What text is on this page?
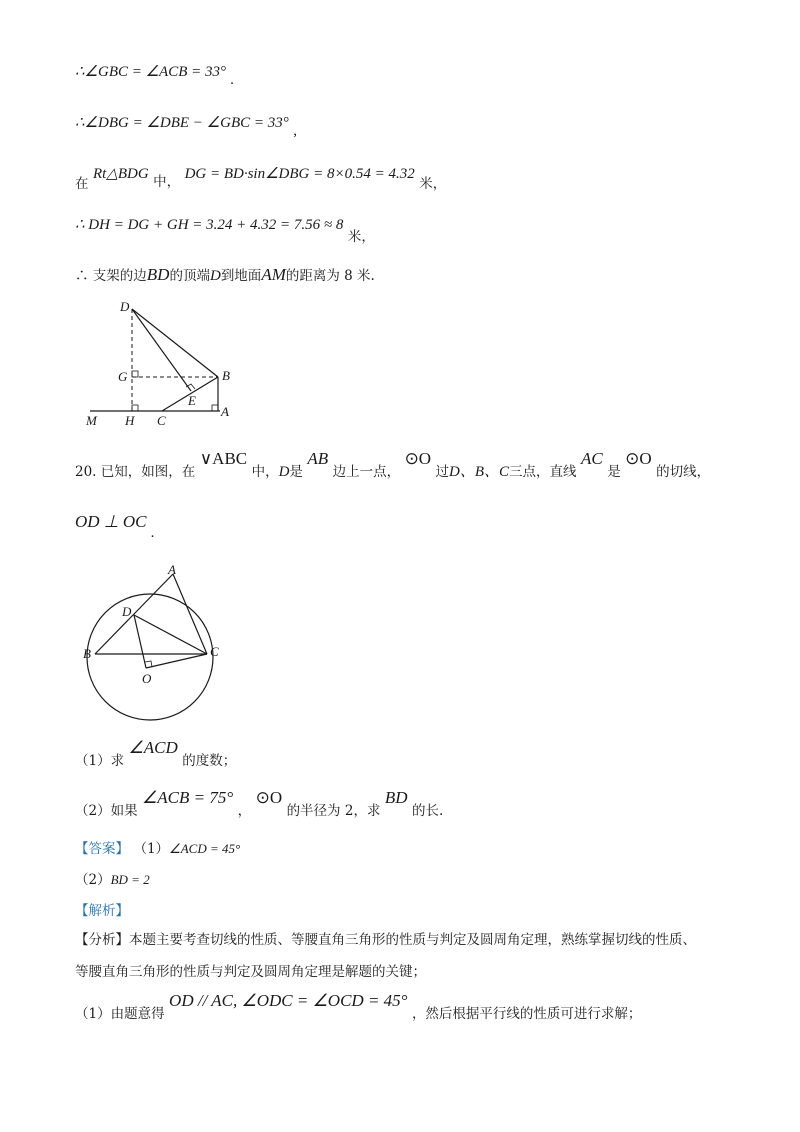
∴∠GBC = ∠ACB = 33° .
∴∠DBG = ∠DBE − ∠GBC = 33° ,
在 Rt△BDG 中， DG = BD·sin∠DBG = 8×0.54 = 4.32 米，
∴ DH = DG + GH = 3.24 + 4.32 = 7.56 ≈ 8 米，
∴ 支架的边BD的顶端D到地面AM的距离为 8 米.
D
G	B
E
A
M H C
20. 已知，如图，在 ∨ABC 中，D是 AB 边上一点， ⊙O 过D、B、C三点，直线 AC 是 ⊙O 的切线，
OD ⊥ OC .
A
D
B	C
O
（1）求 ∠ACD 的度数；
（2）如果 ∠ACB = 75° ， ⊙O 的半径为 2，求 BD 的长.
【答案】 （1）∠ACD = 45°
（2）BD = 2
【解析】
【分析】本题主要考查切线的性质、等腰直角三角形的性质与判定及圆周角定理，熟练掌握切线的性质、
等腰直角三角形的性质与判定及圆周角定理是解题的关键；
（1）由题意得 OD // AC, ∠ODC = ∠OCD = 45° ，然后根据平行线的性质可进行求解；
